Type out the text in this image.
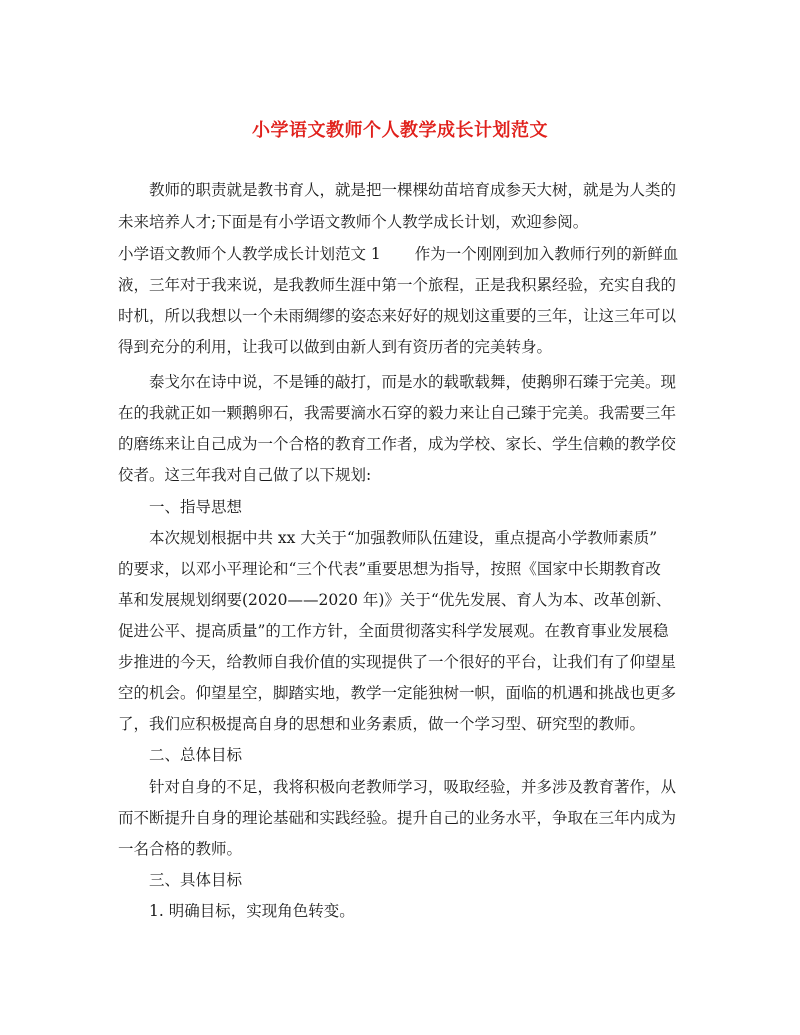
小学语文教师个人教学成长计划范文
教师的职责就是教书育人，就是把一棵棵幼苗培育成参天大树，就是为人类的
未来培养人才;下面是有小学语文教师个人教学成长计划，欢迎参阅。
小学语文教师个人教学成长计划范文 1 作为一个刚刚到加入教师行列的新鲜血
液，三年对于我来说，是我教师生涯中第一个旅程，正是我积累经验，充实自我的
时机，所以我想以一个未雨绸缪的姿态来好好的规划这重要的三年，让这三年可以
得到充分的利用，让我可以做到由新人到有资历者的完美转身。
泰戈尔在诗中说，不是锤的敲打，而是水的载歌载舞，使鹅卵石臻于完美。现
在的我就正如一颗鹅卵石，我需要滴水石穿的毅力来让自己臻于完美。我需要三年
的磨练来让自己成为一个合格的教育工作者，成为学校、家长、学生信赖的教学佼
佼者。这三年我对自己做了以下规划:
一、指导思想
本次规划根据中共 xx 大关于“加强教师队伍建设，重点提高小学教师素质”
的要求，以邓小平理论和“三个代表”重要思想为指导，按照《国家中长期教育改
革和发展规划纲要(2020——2020 年)》关于“优先发展、育人为本、改革创新、
促进公平、提高质量”的工作方针，全面贯彻落实科学发展观。在教育事业发展稳
步推进的今天，给教师自我价值的实现提供了一个很好的平台，让我们有了仰望星
空的机会。仰望星空，脚踏实地，教学一定能独树一帜，面临的机遇和挑战也更多
了，我们应积极提高自身的思想和业务素质，做一个学习型、研究型的教师。
二、总体目标
针对自身的不足，我将积极向老教师学习，吸取经验，并多涉及教育著作，从
而不断提升自身的理论基础和实践经验。提升自己的业务水平，争取在三年内成为
一名合格的教师。
三、具体目标
1. 明确目标，实现角色转变。
